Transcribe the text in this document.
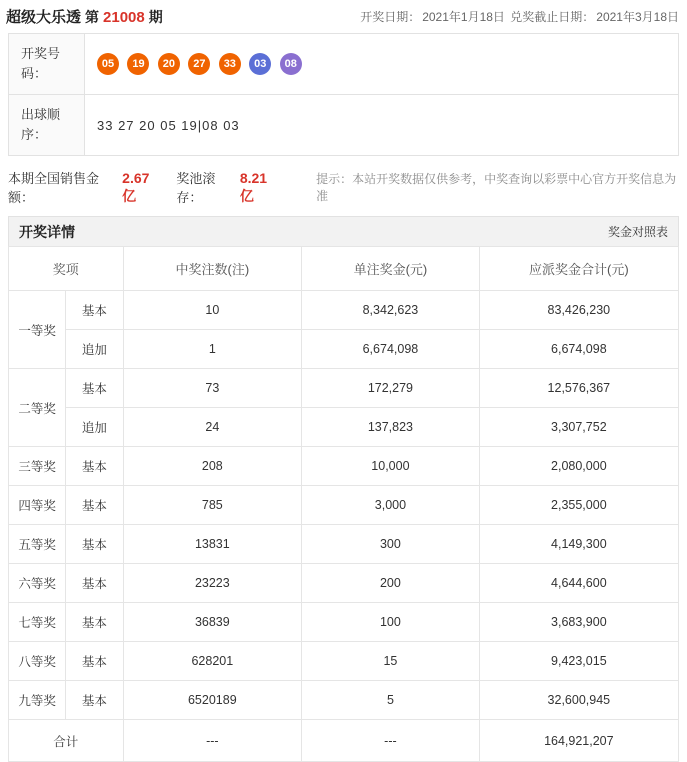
超级大乐透 第 21008 期	开奖日期： 2021年1月18日 兑奖截止日期： 2021年3月18日
开奖号码：	05 19 20 27 33 03 08
出球顺序：	33 27 20 05 19|08 03
本期全国销售金额：
2.67亿
奖池滚存：
8.21亿
提示：本站开奖数据仅供参考，中奖查询以彩票中心官方开奖信息为准
开奖详情	奖金对照表
奖项		中奖注数(注)	单注奖金(元)	应派奖金合计(元)
一等奖	基本	10	8,342,623	83,426,230
	追加	1	6,674,098	6,674,098
二等奖	基本	73	172,279	12,576,367
	追加	24	137,823	3,307,752
三等奖	基本	208	10,000	2,080,000
四等奖	基本	785	3,000	2,355,000
五等奖	基本	13831	300	4,149,300
六等奖	基本	23223	200	4,644,600
七等奖	基本	36839	100	3,683,900
八等奖	基本	628201	15	9,423,015
九等奖	基本	6520189	5	32,600,945
合计		---	---	164,921,207
